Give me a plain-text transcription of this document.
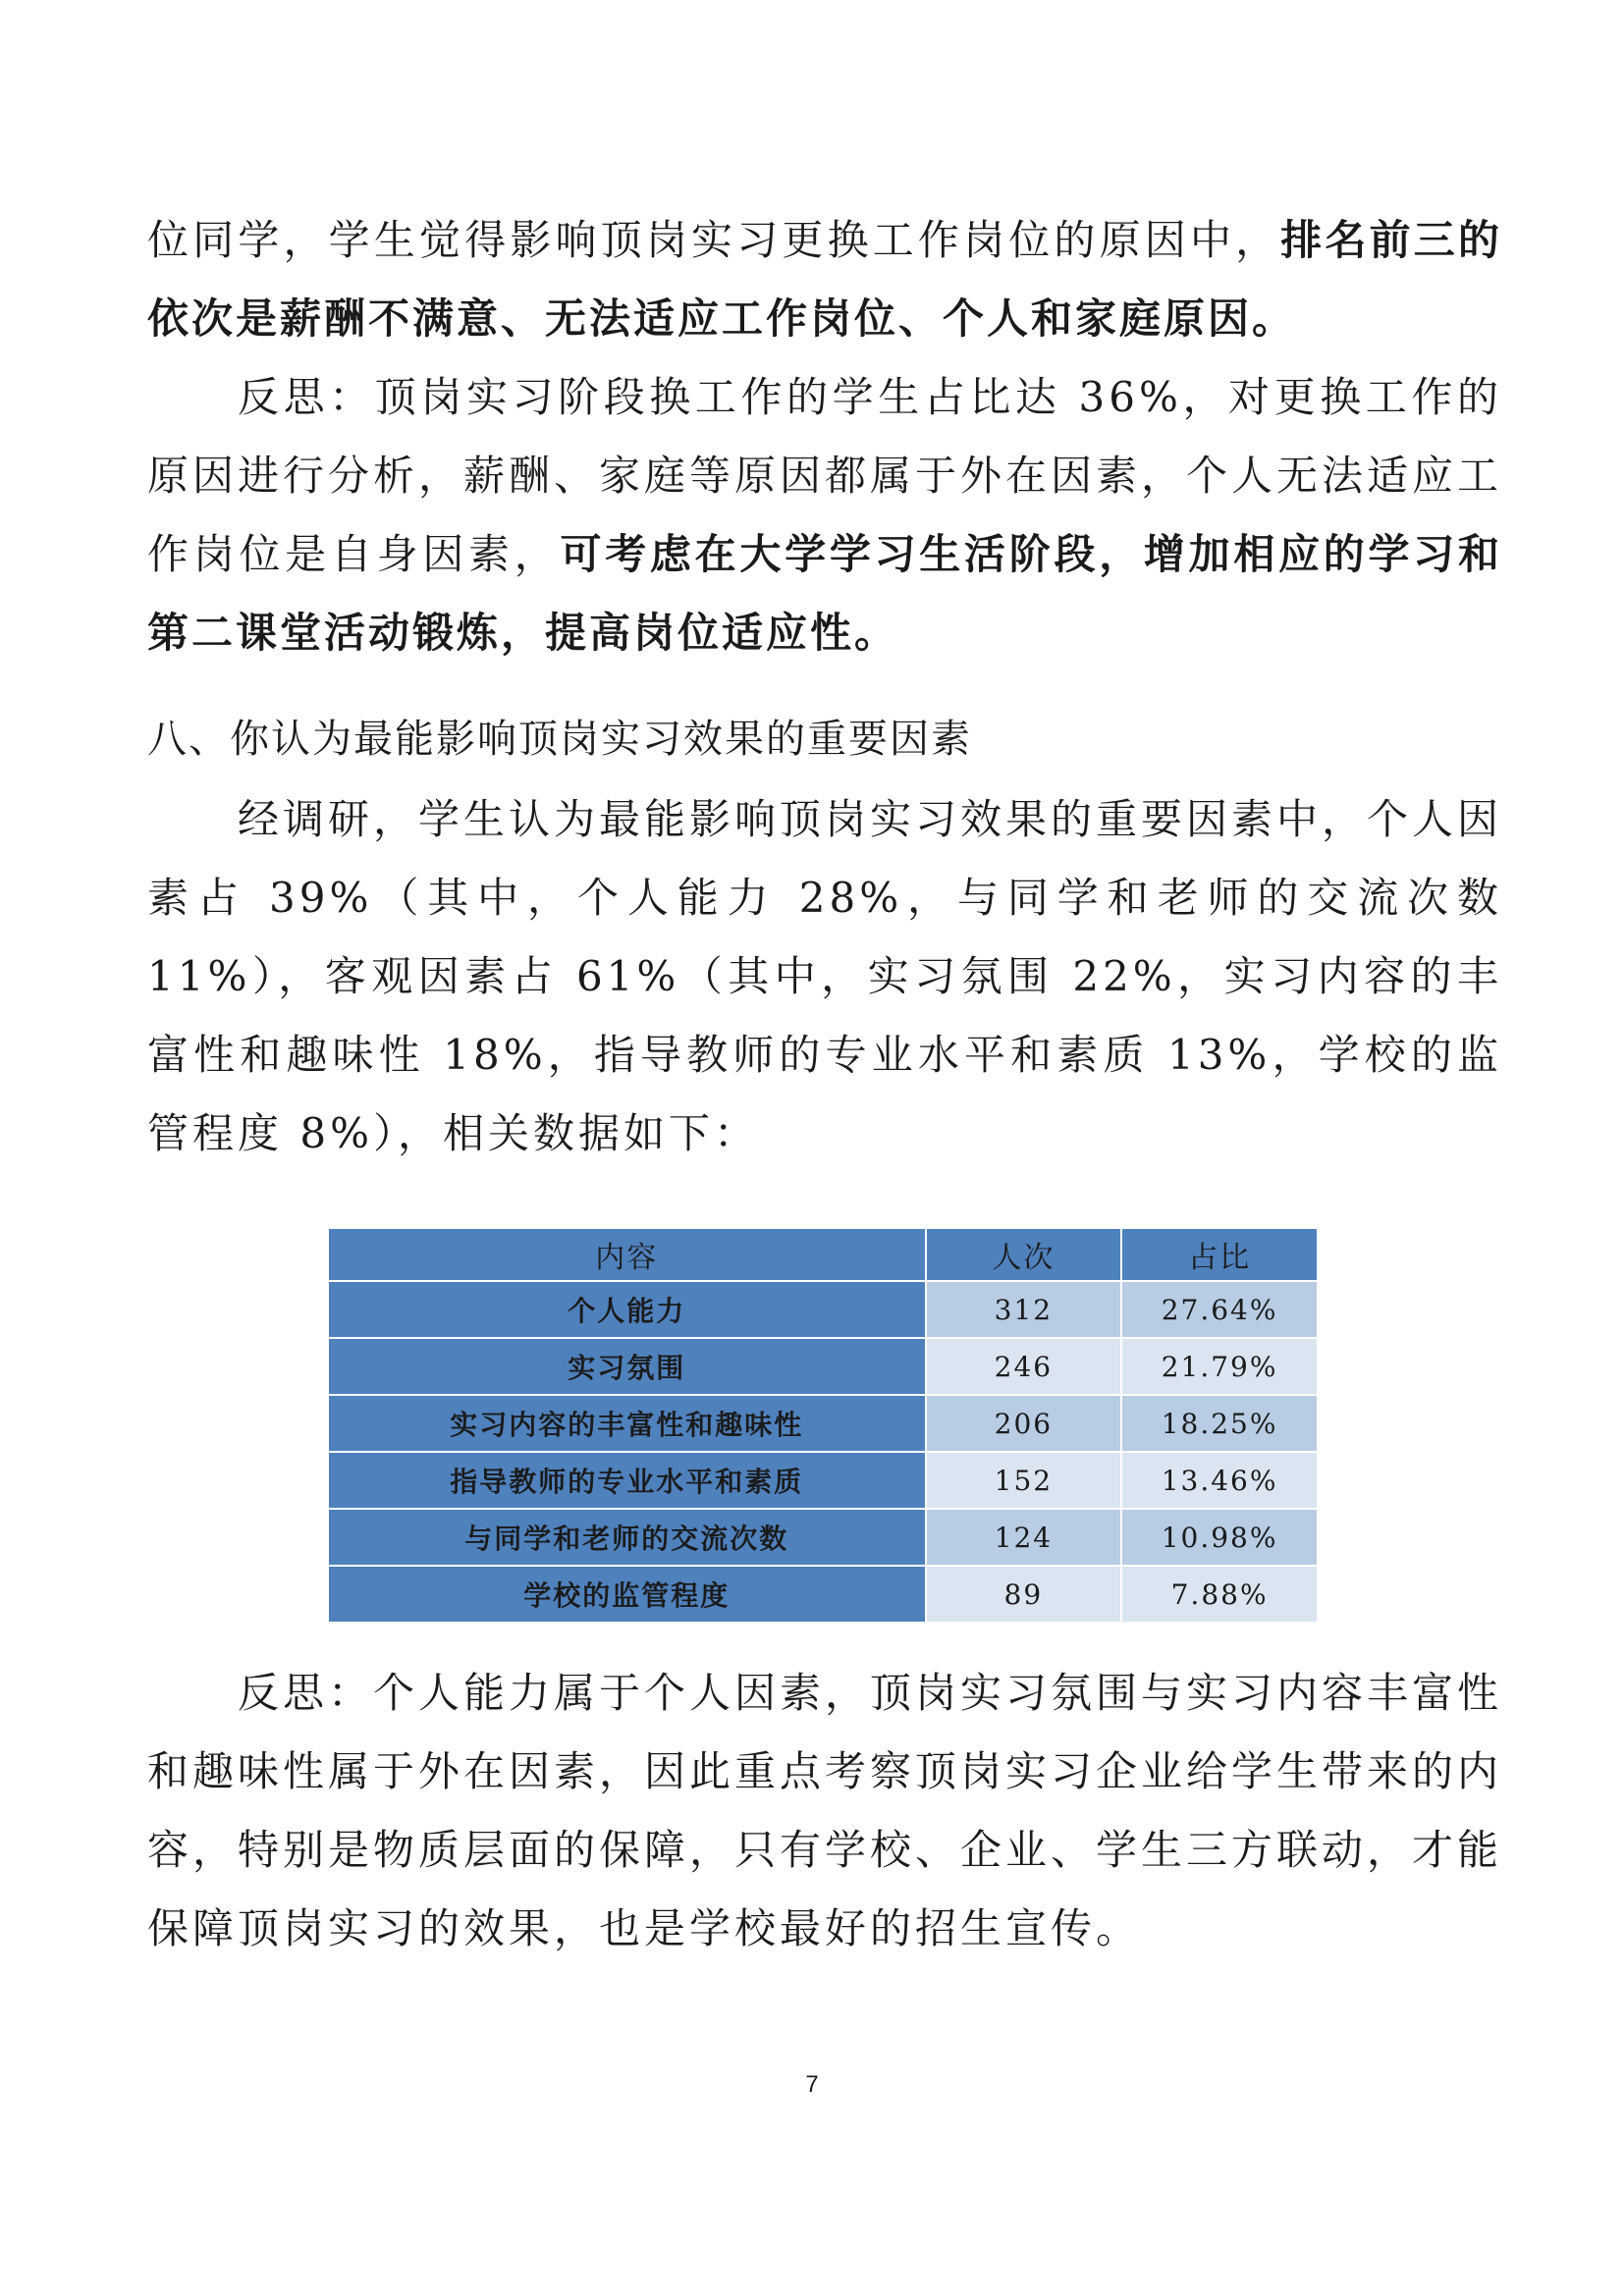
位同学，学生觉得影响顶岗实习更换工作岗位的原因中，排名前三的依次是薪酬不满意、无法适应工作岗位、个人和家庭原因。

反思：顶岗实习阶段换工作的学生占比达 36%，对更换工作的原因进行分析，薪酬、家庭等原因都属于外在因素，个人无法适应工作岗位是自身因素，可考虑在大学学习生活阶段，增加相应的学习和第二课堂活动锻炼，提高岗位适应性。

八、你认为最能影响顶岗实习效果的重要因素

经调研，学生认为最能影响顶岗实习效果的重要因素中，个人因素占 39%（其中，个人能力 28%，与同学和老师的交流次数 11%），客观因素占 61%（其中，实习氛围 22%，实习内容的丰富性和趣味性 18%，指导教师的专业水平和素质 13%，学校的监管程度 8%），相关数据如下：

内容	人次	占比
个人能力	312	27.64%
实习氛围	246	21.79%
实习内容的丰富性和趣味性	206	18.25%
指导教师的专业水平和素质	152	13.46%
与同学和老师的交流次数	124	10.98%
学校的监管程度	89	7.88%

反思：个人能力属于个人因素，顶岗实习氛围与实习内容丰富性和趣味性属于外在因素，因此重点考察顶岗实习企业给学生带来的内容，特别是物质层面的保障，只有学校、企业、学生三方联动，才能保障顶岗实习的效果，也是学校最好的招生宣传。

7
